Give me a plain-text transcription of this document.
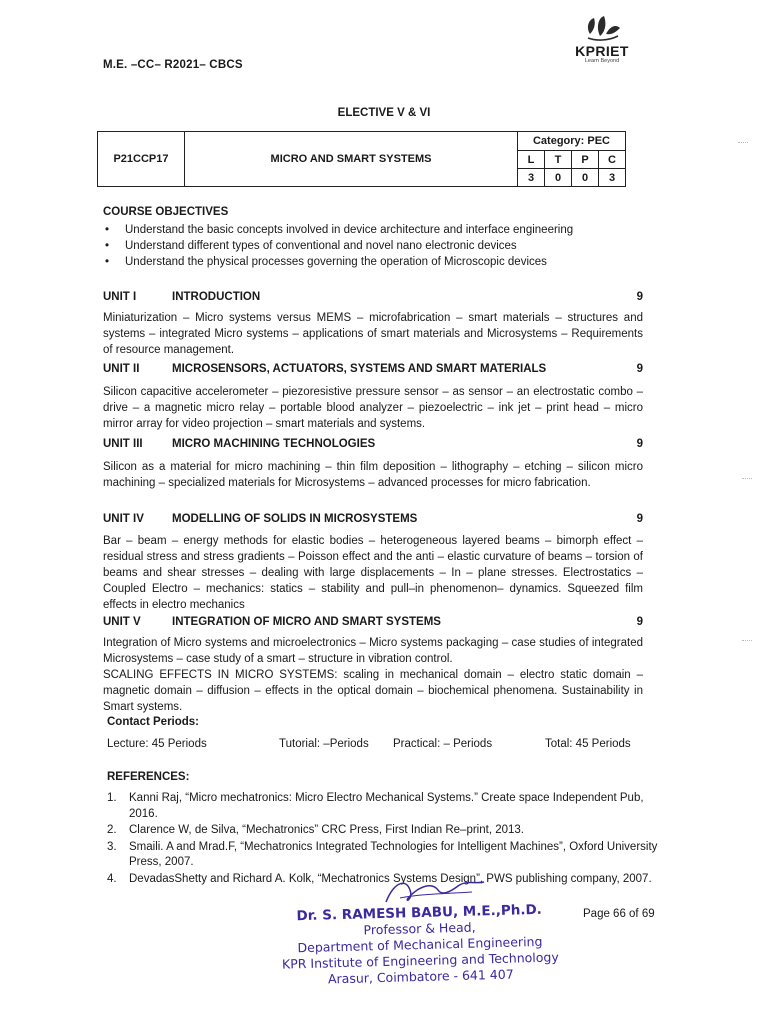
M.E. –CC– R2021– CBCS
KPRIET
Learn Beyond
ELECTIVE V & VI
P21CCP17	MICRO AND SMART SYSTEMS	Category: PEC			
		L	T	P	C
		3	0	0	3
COURSE OBJECTIVES
• Understand the basic concepts involved in device architecture and interface engineering
• Understand different types of conventional and novel nano electronic devices
• Understand the physical processes governing the operation of Microscopic devices
UNIT I	INTRODUCTION	9

Miniaturization – Micro systems versus MEMS – microfabrication – smart materials – structures and systems – integrated Micro systems – applications of smart materials and Microsystems – Requirements of resource management.

UNIT II	MICROSENSORS, ACTUATORS, SYSTEMS AND SMART MATERIALS	9

Silicon capacitive accelerometer – piezoresistive pressure sensor – as sensor – an electrostatic combo – drive – a magnetic micro relay – portable blood analyzer – piezoelectric – ink jet – print head – micro mirror array for video projection – smart materials and systems.

UNIT III	MICRO MACHINING TECHNOLOGIES	9

Silicon as a material for micro machining – thin film deposition – lithography – etching – silicon micro machining – specialized materials for Microsystems – advanced processes for micro fabrication.

UNIT IV MODELLING OF SOLIDS IN MICROSYSTEMS	9

Bar – beam – energy methods for elastic bodies – heterogeneous layered beams – bimorph effect – residual stress and stress gradients – Poisson effect and the anti – elastic curvature of beams – torsion of beams and shear stresses – dealing with large displacements – In – plane stresses. Electrostatics – Coupled Electro – mechanics: statics – stability and pull–in phenomenon– dynamics. Squeezed film effects in electro mechanics

UNIT V	INTEGRATION OF MICRO AND SMART SYSTEMS	9

Integration of Micro systems and microelectronics – Micro systems packaging – case studies of integrated Microsystems – case study of a smart – structure in vibration control.

SCALING EFFECTS IN MICRO SYSTEMS: scaling in mechanical domain – electro static domain – magnetic domain – diffusion – effects in the optical domain – biochemical phenomena. Sustainability in Smart systems.

Contact Periods:
Lecture: 45 Periods	Tutorial: –Periods Practical: – Periods	Total: 45 Periods
REFERENCES:
1. Kanni Raj, “Micro mechatronics: Micro Electro Mechanical Systems.” Create space Independent Pub, 2016.
2. Clarence W, de Silva, “Mechatronics” CRC Press, First Indian Re–print, 2013.
3. Smaili. A and Mrad.F, “Mechatronics Integrated Technologies for Intelligent Machines”, Oxford University Press, 2007.
4. DevadasShetty and Richard A. Kolk, “Mechatronics Systems Design”, PWS publishing company, 2007.
Dr. S. RAMESH BABU, M.E.,Ph.D.
Professor & Head,
Department of Mechanical Engineering
KPR Institute of Engineering and Technology
Arasur, Coimbatore - 641 407
Page 66 of 69
